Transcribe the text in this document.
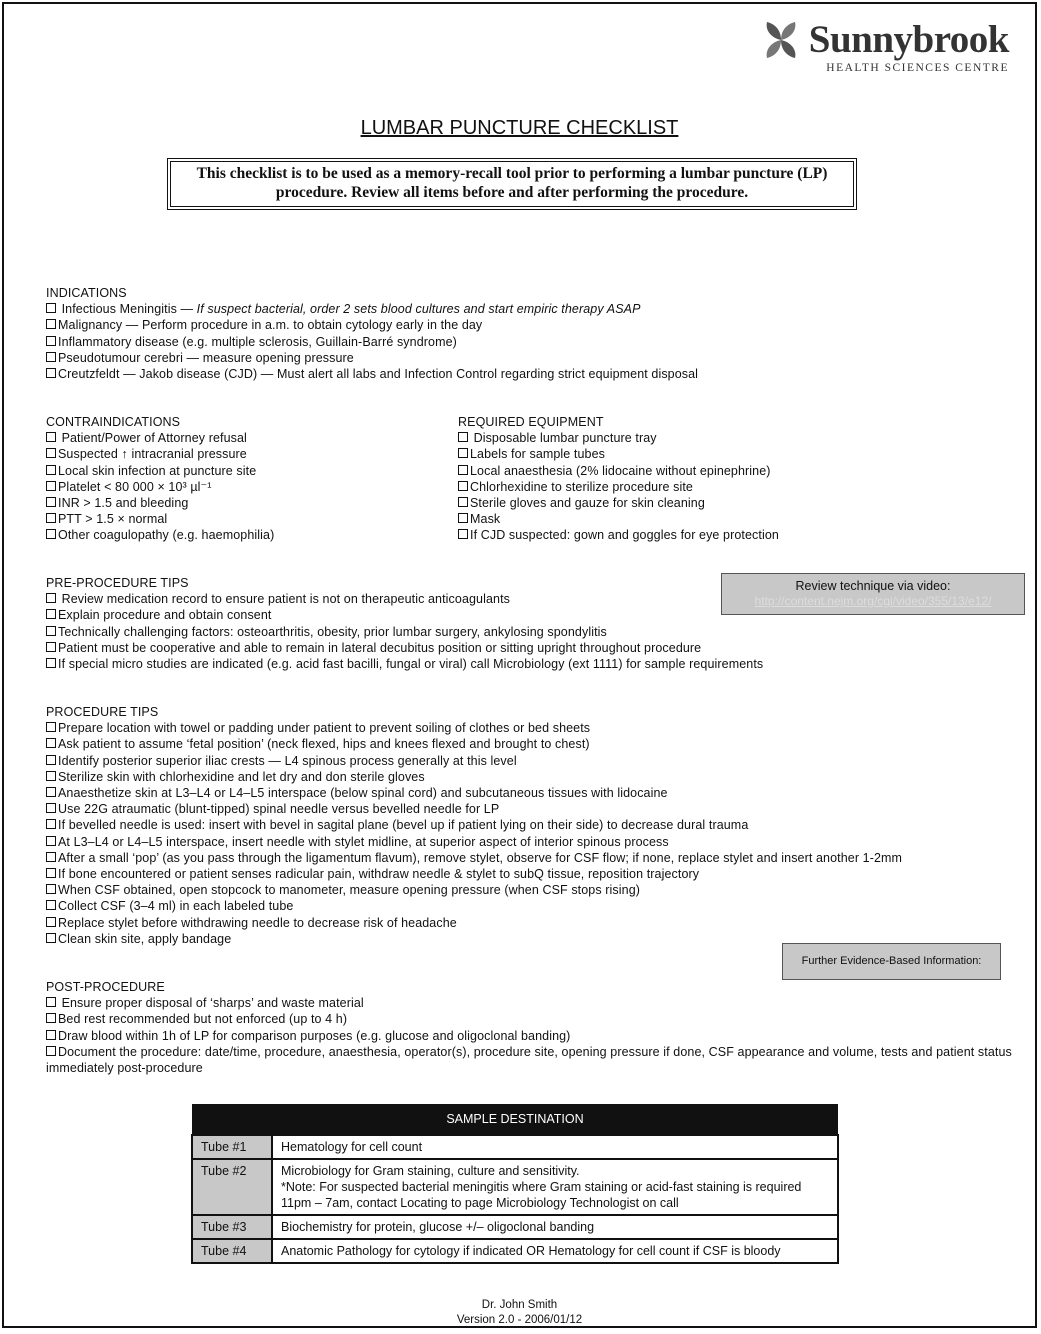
Sunnybrook
HEALTH SCIENCES CENTRE
LUMBAR PUNCTURE CHECKLIST
This checklist is to be used as a memory-recall tool prior to performing a lumbar puncture (LP)
procedure. Review all items before and after performing the procedure.
INDICATIONS
Infectious Meningitis — If suspect bacterial, order 2 sets blood cultures and start empiric therapy ASAP
Malignancy — Perform procedure in a.m. to obtain cytology early in the day
Inflammatory disease (e.g. multiple sclerosis, Guillain-Barré syndrome)
Pseudotumour cerebri — measure opening pressure
Creutzfeldt — Jakob disease (CJD) — Must alert all labs and Infection Control regarding strict equipment disposal
CONTRAINDICATIONS
Patient/Power of Attorney refusal
Suspected ↑ intracranial pressure
Local skin infection at puncture site
Platelet < 80 000 × 10³ µl⁻¹
INR > 1.5 and bleeding
PTT > 1.5 × normal
Other coagulopathy (e.g. haemophilia)
REQUIRED EQUIPMENT
Disposable lumbar puncture tray
Labels for sample tubes
Local anaesthesia (2% lidocaine without epinephrine)
Chlorhexidine to sterilize procedure site
Sterile gloves and gauze for skin cleaning
Mask
If CJD suspected: gown and goggles for eye protection
PRE-PROCEDURE TIPS
Review medication record to ensure patient is not on therapeutic anticoagulants
Explain procedure and obtain consent
Technically challenging factors: osteoarthritis, obesity, prior lumbar surgery, ankylosing spondylitis
Patient must be cooperative and able to remain in lateral decubitus position or sitting upright throughout procedure
If special micro studies are indicated (e.g. acid fast bacilli, fungal or viral) call Microbiology (ext 1111) for sample requirements
Review technique via video:
http://content.nejm.org/cgi/video/355/13/e12/
PROCEDURE TIPS
Prepare location with towel or padding under patient to prevent soiling of clothes or bed sheets
Ask patient to assume ‘fetal position’ (neck flexed, hips and knees flexed and brought to chest)
Identify posterior superior iliac crests — L4 spinous process generally at this level
Sterilize skin with chlorhexidine and let dry and don sterile gloves
Anaesthetize skin at L3–L4 or L4–L5 interspace (below spinal cord) and subcutaneous tissues with lidocaine
Use 22G atraumatic (blunt-tipped) spinal needle versus bevelled needle for LP
If bevelled needle is used: insert with bevel in sagital plane (bevel up if patient lying on their side) to decrease dural trauma
At L3–L4 or L4–L5 interspace, insert needle with stylet midline, at superior aspect of interior spinous process
After a small ‘pop’ (as you pass through the ligamentum flavum), remove stylet, observe for CSF flow; if none, replace stylet and insert another 1-2mm
If bone encountered or patient senses radicular pain, withdraw needle & stylet to subQ tissue, reposition trajectory
When CSF obtained, open stopcock to manometer, measure opening pressure (when CSF stops rising)
Collect CSF (3–4 ml) in each labeled tube
Replace stylet before withdrawing needle to decrease risk of headache
Clean skin site, apply bandage
Further Evidence-Based Information:
POST-PROCEDURE
Ensure proper disposal of ‘sharps’ and waste material
Bed rest recommended but not enforced (up to 4 h)
Draw blood within 1h of LP for comparison purposes (e.g. glucose and oligoclonal banding)
Document the procedure: date/time, procedure, anaesthesia, operator(s), procedure site, opening pressure if done, CSF appearance and volume, tests and patient status immediately post-procedure
SAMPLE DESTINATION	
Tube #1	Hematology for cell count
Tube #2	Microbiology for Gram staining, culture and sensitivity.
*Note: For suspected bacterial meningitis where Gram staining or acid-fast staining is required 11pm – 7am, contact Locating to page Microbiology Technologist on call

Tube #3	Biochemistry for protein, glucose +/– oligoclonal banding
Tube #4	Anatomic Pathology for cytology if indicated OR Hematology for cell count if CSF is bloody
Dr. John Smith
Version 2.0 - 2006/01/12
